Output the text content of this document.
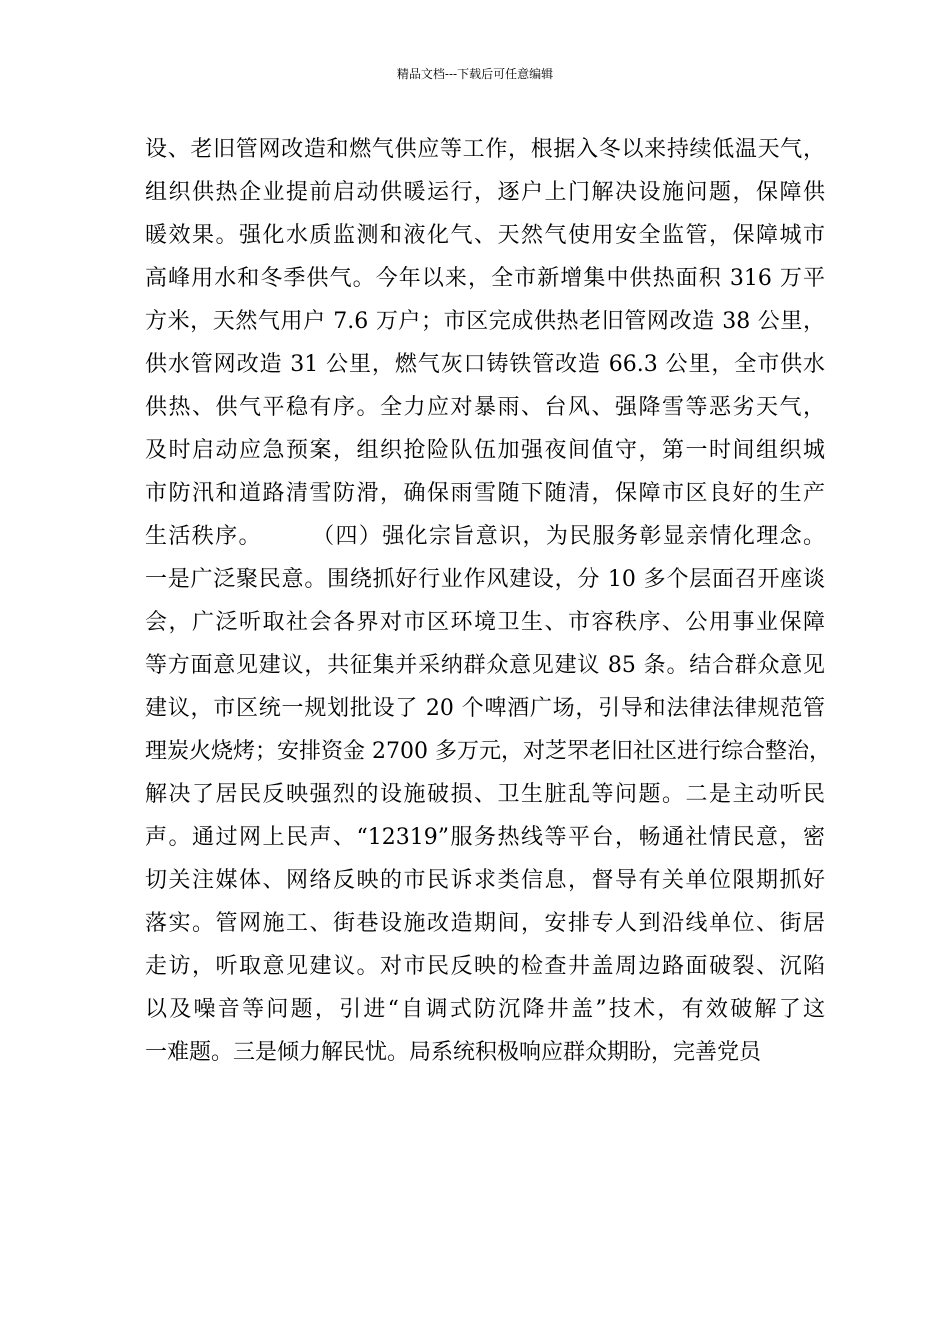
精品文档---下载后可任意编辑
设、老旧管网改造和燃气供应等工作，根据入冬以来持续低温天气，
组织供热企业提前启动供暖运行，逐户上门解决设施问题，保障供
暖效果。强化水质监测和液化气、天然气使用安全监管，保障城市
高峰用水和冬季供气。今年以来，全市新增集中供热面积 316 万平
方米，天然气用户 7.6 万户；市区完成供热老旧管网改造 38 公里，
供水管网改造 31 公里，燃气灰口铸铁管改造 66.3 公里，全市供水
供热、供气平稳有序。全力应对暴雨、台风、强降雪等恶劣天气，
及时启动应急预案，组织抢险队伍加强夜间值守，第一时间组织城
市防汛和道路清雪防滑，确保雨雪随下随清，保障市区良好的生产
生活秩序。      （四）强化宗旨意识，为民服务彰显亲情化理念。
一是广泛聚民意。围绕抓好行业作风建设，分 10 多个层面召开座谈
会，广泛听取社会各界对市区环境卫生、市容秩序、公用事业保障
等方面意见建议，共征集并采纳群众意见建议 85 条。结合群众意见
建议，市区统一规划批设了 20 个啤酒广场，引导和法律法律规范管
理炭火烧烤；安排资金 2700 多万元，对芝罘老旧社区进行综合整治，
解决了居民反映强烈的设施破损、卫生脏乱等问题。二是主动听民
声。通过网上民声、“12319”服务热线等平台，畅通社情民意，密
切关注媒体、网络反映的市民诉求类信息，督导有关单位限期抓好
落实。管网施工、街巷设施改造期间，安排专人到沿线单位、街居
走访，听取意见建议。对市民反映的检查井盖周边路面破裂、沉陷
以及噪音等问题，引进“自调式防沉降井盖”技术，有效破解了这
一难题。三是倾力解民忧。局系统积极响应群众期盼，完善党员
